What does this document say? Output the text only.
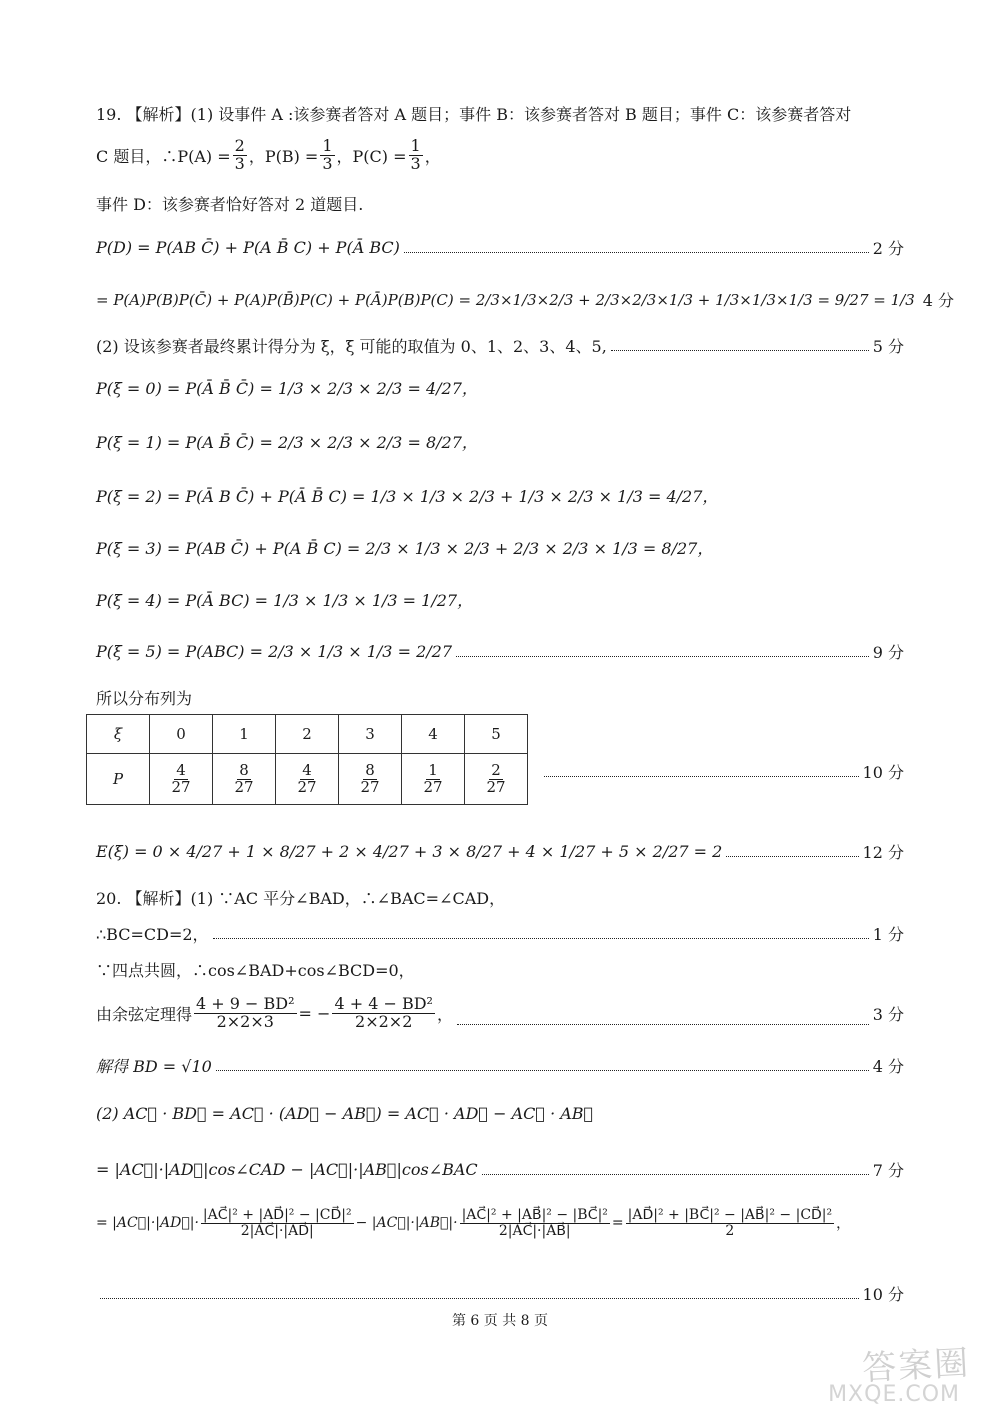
19. 【解析】(1) 设事件 A :该参赛者答对 A 题目；事件 B：该参赛者答对 B 题目；事件 C：该参赛者答对
C 题目，∴P(A) = $\frac{2}{3}$ ，$P(B) = \frac{1}{3}$ ，$P(C) = \frac{1}{3}$ ，
事件 D：该参赛者恰好答对 2 道题目.
P(D) = P(AB C̄) + P(A B̄ C) + P(Ā BC)	2 分
= P(A)P(B)P(C̄) + P(A)P(B̄)P(C) + P(Ā)P(B)P(C) = 2/3×1/3×2/3 + 2/3×2/3×1/3 + 1/3×1/3×1/3 = 9/27 = 1/3 4 分
(2) 设该参赛者最终累计得分为 ξ，ξ 可能的取值为 0、1、2、3、4、5,	5 分
P(ξ = 0) = P(Ā B̄ C̄) = 1/3 × 2/3 × 2/3 = 4/27，
P(ξ = 1) = P(A B̄ C̄) = 2/3 × 2/3 × 2/3 = 8/27，
P(ξ = 2) = P(Ā B C̄) + P(Ā B̄ C) = 1/3 × 1/3 × 2/3 + 1/3 × 2/3 × 1/3 = 4/27，
P(ξ = 3) = P(AB C̄) + P(A B̄ C) = 2/3 × 1/3 × 2/3 + 2/3 × 2/3 × 1/3 = 8/27，
P(ξ = 4) = P(Ā BC) = 1/3 × 1/3 × 1/3 = 1/27，
P(ξ = 5) = P(ABC) = 2/3 × 1/3 × 1/3 = 2/27	9 分
所以分布列为
ξ	0	1	2	3	4	5
P	$\frac{4}{27}$	$\frac{8}{27}$	$\frac{4}{27}$	$\frac{8}{27}$	$\frac{1}{27}$	$\frac{2}{27}$	10 分
E(ξ) = 0 × 4/27 + 1 × 8/27 + 2 × 4/27 + 3 × 8/27 + 4 × 1/27 + 5 × 2/27 = 2	12 分
20. 【解析】(1) ∵AC 平分∠BAD，∴∠BAC=∠CAD，
∴BC=CD=2，	1 分
∵四点共圆，∴cos∠BAD+cos∠BCD=0，
由余弦定理得 $\frac{\text{4 + 9 − BD²}}{2\times 2\times 3}$ = − $\frac{\text{4 + 4 − BD²}}{2\times 2\times 2}$ ，	3 分
解得 BD = √10	4 分
(2) AC⃗ · BD⃗ = AC⃗ · (AD⃗ − AB⃗) = AC⃗ · AD⃗ − AC⃗ · AB⃗
= |AC⃗|·|AD⃗|cos∠CAD − |AC⃗|·|AB⃗|cos∠BAC	7 分
= |AC⃗|·|AD⃗|· $\frac{\text{|AC⃗|² + |AD⃗|² − |CD⃗|²}}{2|AC⃗|\cdot|AD⃗|}$ − |AC⃗|·|AB⃗|· $\frac{\text{|AC⃗|² + |AB⃗|² − |BC⃗|²}}{2|AC⃗|\cdot|AB⃗|} = \frac{\text{|AD⃗|² + |BC⃗|² − |AB⃗|² − |CD⃗|²}}{2}$ ，
10 分
第 6 页 共 8 页
答案圈
MXQE.COM
